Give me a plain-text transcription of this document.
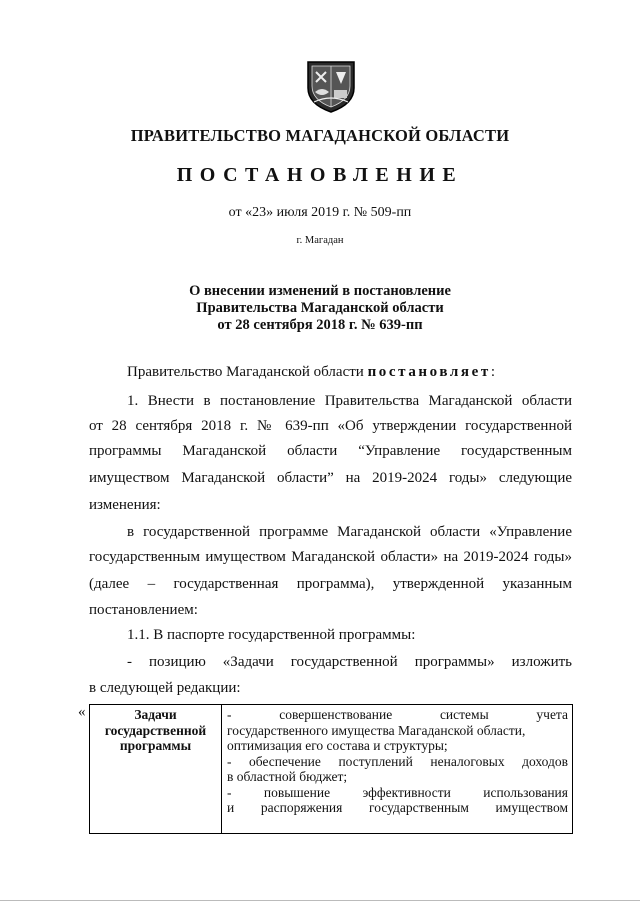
ПРАВИТЕЛЬСТВО МАГАДАНСКОЙ ОБЛАСТИ
ПОСТАНОВЛЕНИЕ
от «23» июля 2019 г. № 509-пп
г. Магадан
О внесении изменений в постановление
Правительства Магаданской области
от 28 сентября 2018 г. № 639-пп
Правительство Магаданской области постановляет:
1. Внести в постановление Правительства Магаданской области
от 28 сентября 2018 г. № 639-пп «Об утверждении государственной
программы Магаданской области “Управление государственным
имуществом Магаданской области” на 2019-2024 годы» следующие
изменения:
в государственной программе Магаданской области «Управление
государственным имуществом Магаданской области» на 2019-2024 годы»
(далее – государственная программа), утвержденной указанным
постановлением:
1.1. В паспорте государственной программы:
- позицию «Задачи государственной программы» изложить
в следующей редакции:
«	Задачи
государственной
программы
- совершенствование системы учета
государственного имущества Магаданской области,
оптимизация его состава и структуры;
- обеспечение поступлений неналоговых доходов
в областной бюджет;
- повышение эффективности использования
и распоряжения государственным имуществом
